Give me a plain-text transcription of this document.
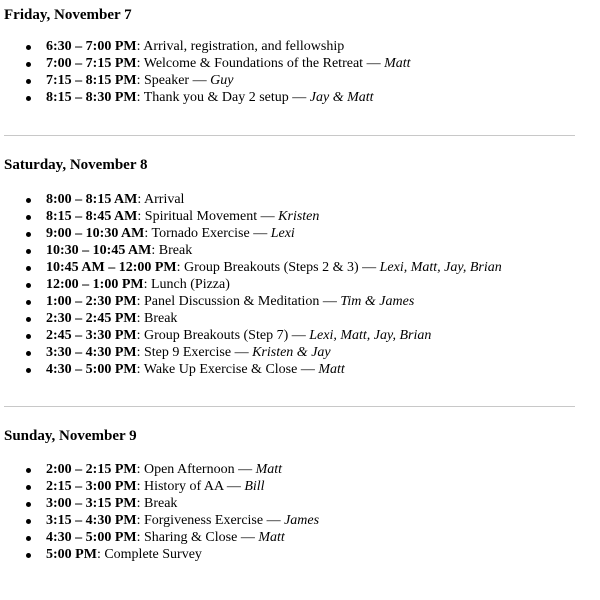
Friday, November 7
6:30 – 7:00 PM: Arrival, registration, and fellowship
7:00 – 7:15 PM: Welcome & Foundations of the Retreat — Matt
7:15 – 8:15 PM: Speaker — Guy
8:15 – 8:30 PM: Thank you & Day 2 setup — Jay & Matt
Saturday, November 8
8:00 – 8:15 AM: Arrival
8:15 – 8:45 AM: Spiritual Movement — Kristen
9:00 – 10:30 AM: Tornado Exercise — Lexi
10:30 – 10:45 AM: Break
10:45 AM – 12:00 PM: Group Breakouts (Steps 2 & 3) — Lexi, Matt, Jay, Brian
12:00 – 1:00 PM: Lunch (Pizza)
1:00 – 2:30 PM: Panel Discussion & Meditation — Tim & James
2:30 – 2:45 PM: Break
2:45 – 3:30 PM: Group Breakouts (Step 7) — Lexi, Matt, Jay, Brian
3:30 – 4:30 PM: Step 9 Exercise — Kristen & Jay
4:30 – 5:00 PM: Wake Up Exercise & Close — Matt
Sunday, November 9
2:00 – 2:15 PM: Open Afternoon — Matt
2:15 – 3:00 PM: History of AA — Bill
3:00 – 3:15 PM: Break
3:15 – 4:30 PM: Forgiveness Exercise — James
4:30 – 5:00 PM: Sharing & Close — Matt
5:00 PM: Complete Survey
